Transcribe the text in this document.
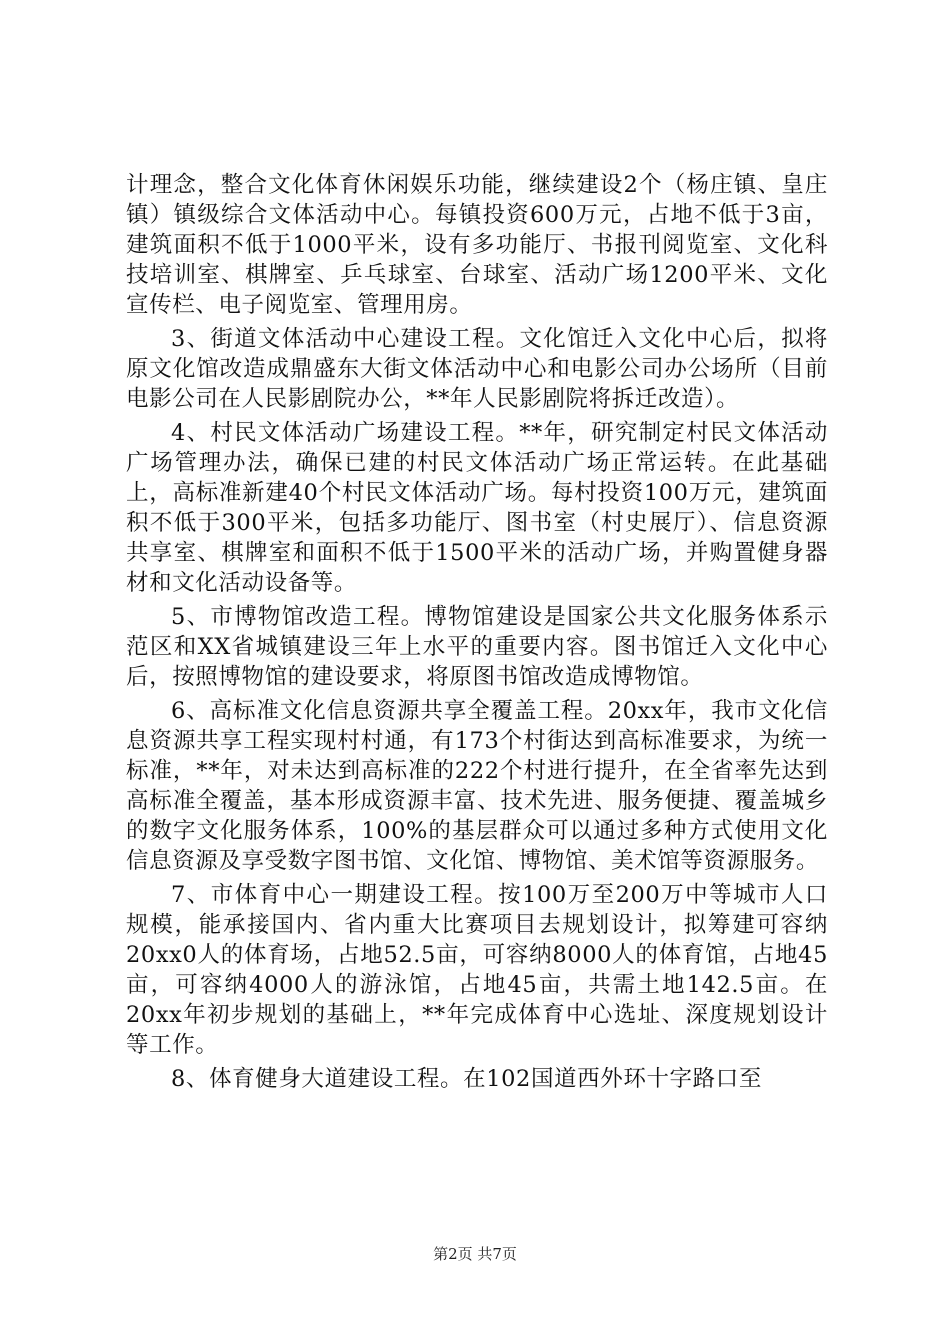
计理念，整合文化体育休闲娱乐功能，继续建设2个（杨庄镇、皇庄镇）镇级综合文体活动中心。每镇投资600万元，占地不低于3亩，建筑面积不低于1000平米，设有多功能厅、书报刊阅览室、文化科技培训室、棋牌室、乒乓球室、台球室、活动广场1200平米、文化宣传栏、电子阅览室、管理用房。

3、街道文体活动中心建设工程。文化馆迁入文化中心后，拟将原文化馆改造成鼎盛东大街文体活动中心和电影公司办公场所（目前电影公司在人民影剧院办公，**年人民影剧院将拆迁改造）。

4、村民文体活动广场建设工程。**年，研究制定村民文体活动广场管理办法，确保已建的村民文体活动广场正常运转。在此基础上，高标准新建40个村民文体活动广场。每村投资100万元，建筑面积不低于300平米，包括多功能厅、图书室（村史展厅）、信息资源共享室、棋牌室和面积不低于1500平米的活动广场，并购置健身器材和文化活动设备等。

5、市博物馆改造工程。博物馆建设是国家公共文化服务体系示范区和XX省城镇建设三年上水平的重要内容。图书馆迁入文化中心后，按照博物馆的建设要求，将原图书馆改造成博物馆。

6、高标准文化信息资源共享全覆盖工程。20xx年，我市文化信息资源共享工程实现村村通，有173个村街达到高标准要求，为统一标准，**年，对未达到高标准的222个村进行提升，在全省率先达到高标准全覆盖，基本形成资源丰富、技术先进、服务便捷、覆盖城乡的数字文化服务体系，100%的基层群众可以通过多种方式使用文化信息资源及享受数字图书馆、文化馆、博物馆、美术馆等资源服务。

7、市体育中心一期建设工程。按100万至200万中等城市人口规模，能承接国内、省内重大比赛项目去规划设计，拟筹建可容纳20xx0人的体育场，占地52.5亩，可容纳8000人的体育馆，占地45亩，可容纳4000人的游泳馆，占地45亩，共需土地142.5亩。在20xx年初步规划的基础上，**年完成体育中心选址、深度规划设计等工作。

8、体育健身大道建设工程。在102国道西外环十字路口至

第2页 共7页
